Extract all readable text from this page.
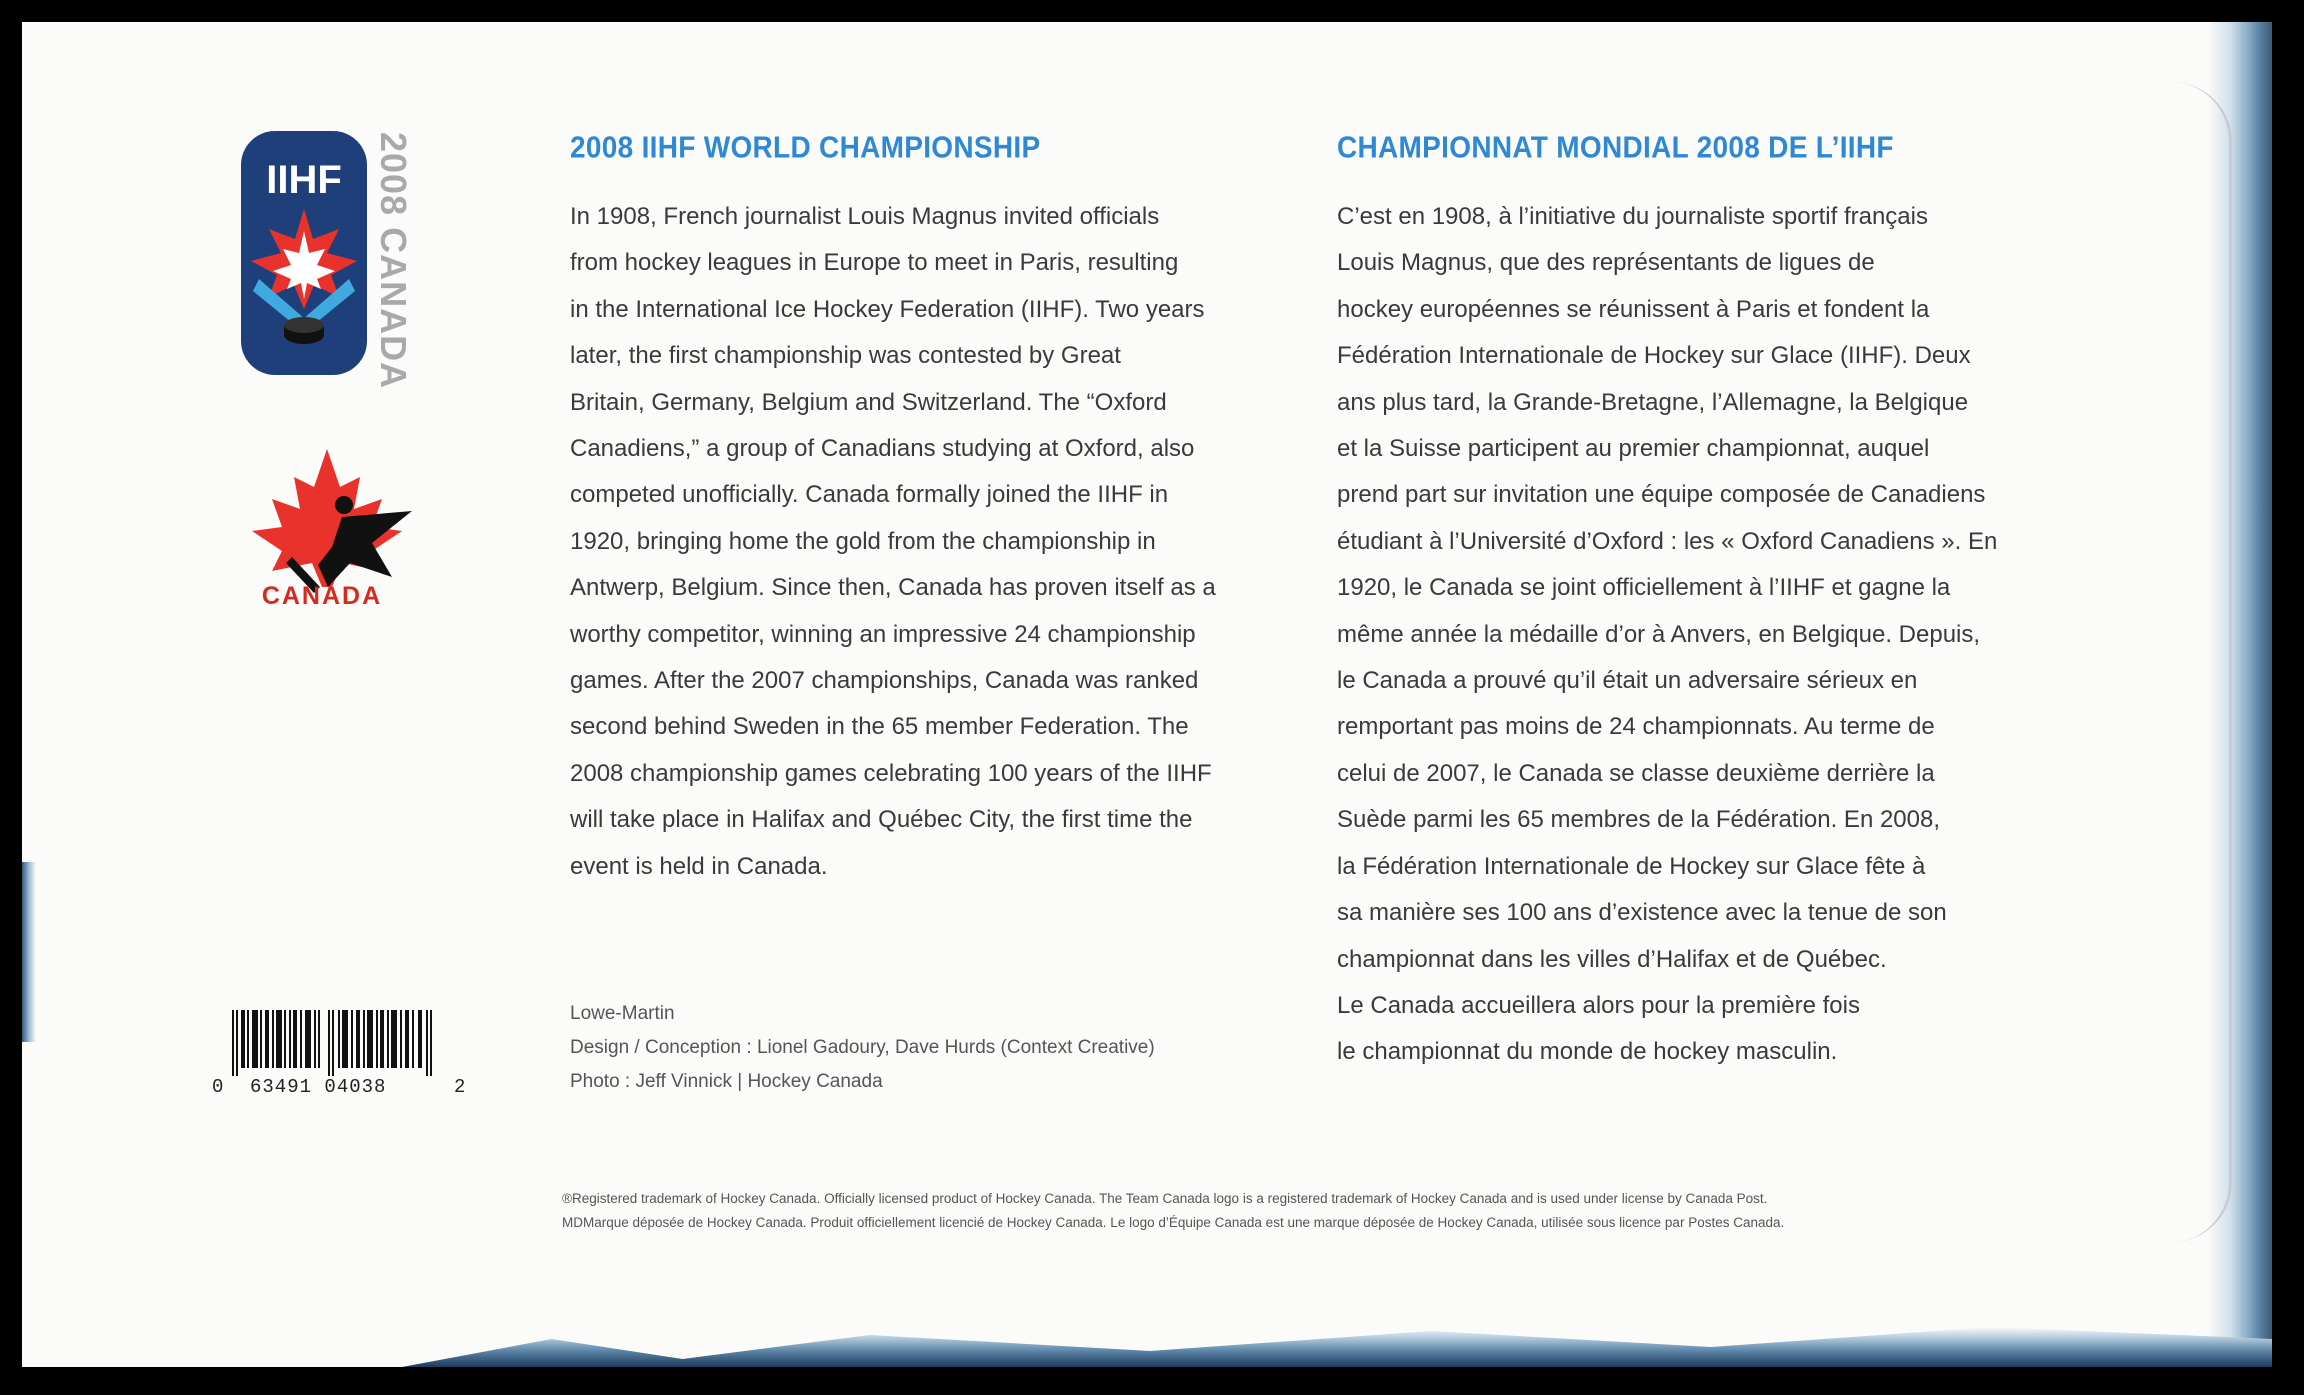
IIHF 2008 CANADA
CANADA
0 63491 04038	2
2008 IIHF WORLD CHAMPIONSHIP

In 1908, French journalist Louis Magnus invited officials
from hockey leagues in Europe to meet in Paris, resulting
in the International Ice Hockey Federation (IIHF). Two years
later, the first championship was contested by Great
Britain, Germany, Belgium and Switzerland. The “Oxford
Canadiens,” a group of Canadians studying at Oxford, also
competed unofficially. Canada formally joined the IIHF in
1920, bringing home the gold from the championship in
Antwerp, Belgium. Since then, Canada has proven itself as a
worthy competitor, winning an impressive 24 championship
games. After the 2007 championships, Canada was ranked
second behind Sweden in the 65 member Federation. The
2008 championship games celebrating 100 years of the IIHF
will take place in Halifax and Québec City, the first time the
event is held in Canada.

CHAMPIONNAT MONDIAL 2008 DE L’IIHF

C’est en 1908, à l’initiative du journaliste sportif français
Louis Magnus, que des représentants de ligues de
hockey européennes se réunissent à Paris et fondent la
Fédération Internationale de Hockey sur Glace (IIHF). Deux
ans plus tard, la Grande-Bretagne, l’Allemagne, la Belgique
et la Suisse participent au premier championnat, auquel
prend part sur invitation une équipe composée de Canadiens
étudiant à l’Université d’Oxford : les « Oxford Canadiens ». En
1920, le Canada se joint officiellement à l’IIHF et gagne la
même année la médaille d’or à Anvers, en Belgique. Depuis,
le Canada a prouvé qu’il était un adversaire sérieux en
remportant pas moins de 24 championnats. Au terme de
celui de 2007, le Canada se classe deuxième derrière la
Suède parmi les 65 membres de la Fédération. En 2008,
la Fédération Internationale de Hockey sur Glace fête à
sa manière ses 100 ans d’existence avec la tenue de son
championnat dans les villes d’Halifax et de Québec.
Le Canada accueillera alors pour la première fois
le championnat du monde de hockey masculin.

Lowe-Martin
Design / Conception : Lionel Gadoury, Dave Hurds (Context Creative)
Photo : Jeff Vinnick | Hockey Canada
®Registered trademark of Hockey Canada. Officially licensed product of Hockey Canada. The Team Canada logo is a registered trademark of Hockey Canada and is used under license by Canada Post.
MDMarque déposée de Hockey Canada. Produit officiellement licencié de Hockey Canada. Le logo d’Équipe Canada est une marque déposée de Hockey Canada, utilisée sous licence par Postes Canada.
